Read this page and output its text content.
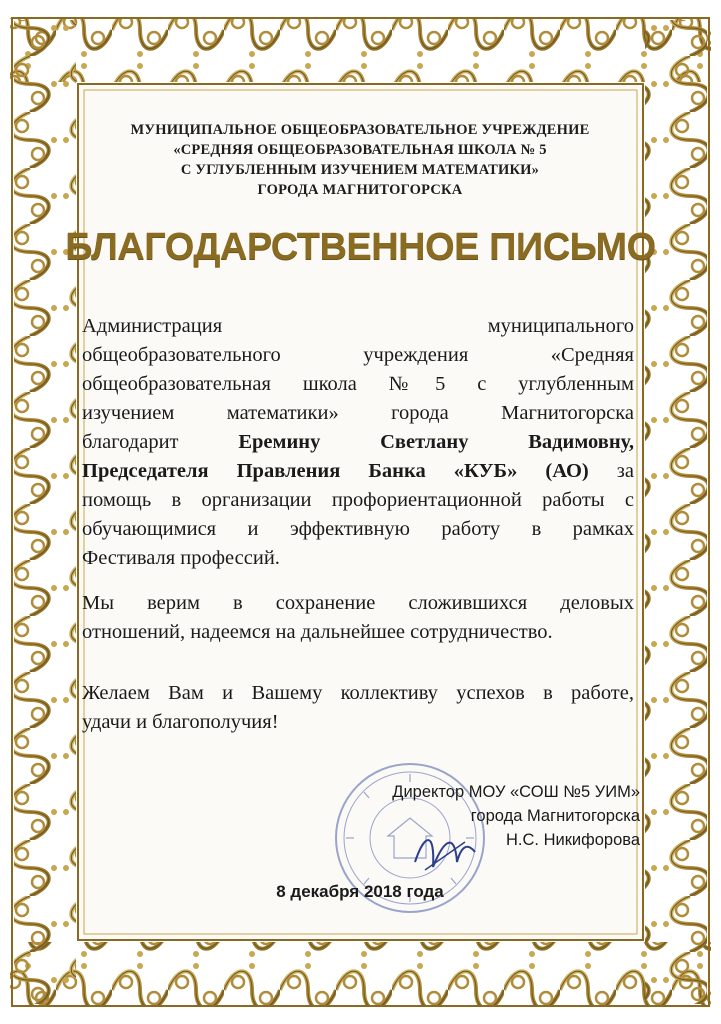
МУНИЦИПАЛЬНОЕ ОБЩЕОБРАЗОВАТЕЛЬНОЕ УЧРЕЖДЕНИЕ
«СРЕДНЯЯ ОБЩЕОБРАЗОВАТЕЛЬНАЯ ШКОЛА № 5
С УГЛУБЛЕННЫМ ИЗУЧЕНИЕМ МАТЕМАТИКИ»
ГОРОДА МАГНИТОГОРСКА
БЛАГОДАРСТВЕННОЕ ПИСЬМО
Администрация муниципального
общеобразовательного учреждения «Средняя
общеобразовательная школа №5 с углубленным
изучением математики» города Магнитогорска
благодарит	Еремину Светлану Вадимовну,
Председателя Правления Банка «КУБ» (АО) за
помощь в организации профориентационной работы с
обучающимися и эффективную работу в рамках
Фестиваля профессий.
Мы верим в сохранение сложившихся деловых
отношений, надеемся на дальнейшее сотрудничество.
Желаем Вам и Вашему коллективу успехов в работе,
удачи и благополучия!
Директор МОУ «СОШ №5 УИМ»
города Магнитогорска
Н.С. Никифорова
8 декабря 2018 года
